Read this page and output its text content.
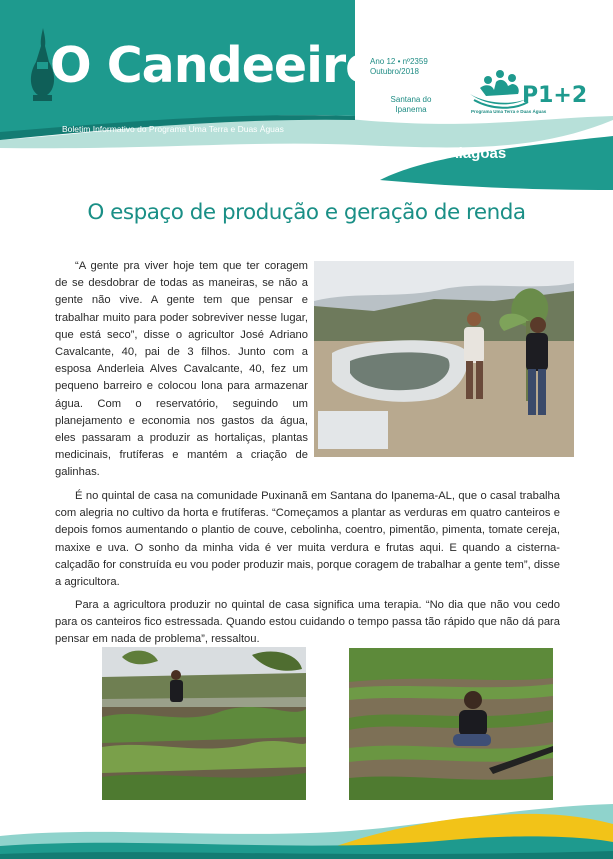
O Candeeiro
Boletim Informativo do Programa Uma Terra e Duas Águas
Ano 12 • nº2359
Outubro/2018
Santana do
Ipanema
P1+2
Programa Uma Terra e Duas Águas
Alagoas
O espaço de produção e geração de renda

“A gente pra viver hoje tem que ter coragem de se desdobrar de todas as maneiras, se não a gente não vive. A gente tem que pensar e trabalhar muito para poder sobreviver nesse lugar, que está seco”, disse o agricultor José Adriano Cavalcante, 40, pai de 3 filhos. Junto com a esposa Anderleia Alves Cavalcante, 40, fez um pequeno barreiro e colocou lona para armazenar água. Com o reservatório, seguindo um planejamento e economia nos gastos da água, eles passaram a produzir as hortaliças, plantas medicinais, frutíferas e mantém a criação de galinhas.

É no quintal de casa na comunidade Puxinanã em Santana do Ipanema-AL, que o casal trabalha com alegria no cultivo da horta e frutíferas. “Começamos a plantar as verduras em quatro canteiros e depois fomos aumentando o plantio de couve, cebolinha, coentro, pimentão, pimenta, tomate cereja, maxixe e uva. O sonho da minha vida é ver muita verdura e frutas aqui. E quando a cisterna-calçadão for construída eu vou poder produzir mais, porque coragem de trabalhar a gente tem”, disse a agricultora.

Para a agricultora produzir no quintal de casa significa uma terapia. “No dia que não vou cedo para os canteiros fico estressada. Quando estou cuidando o tempo passa tão rápido que não dá para pensar em nada de problema”, ressaltou.
